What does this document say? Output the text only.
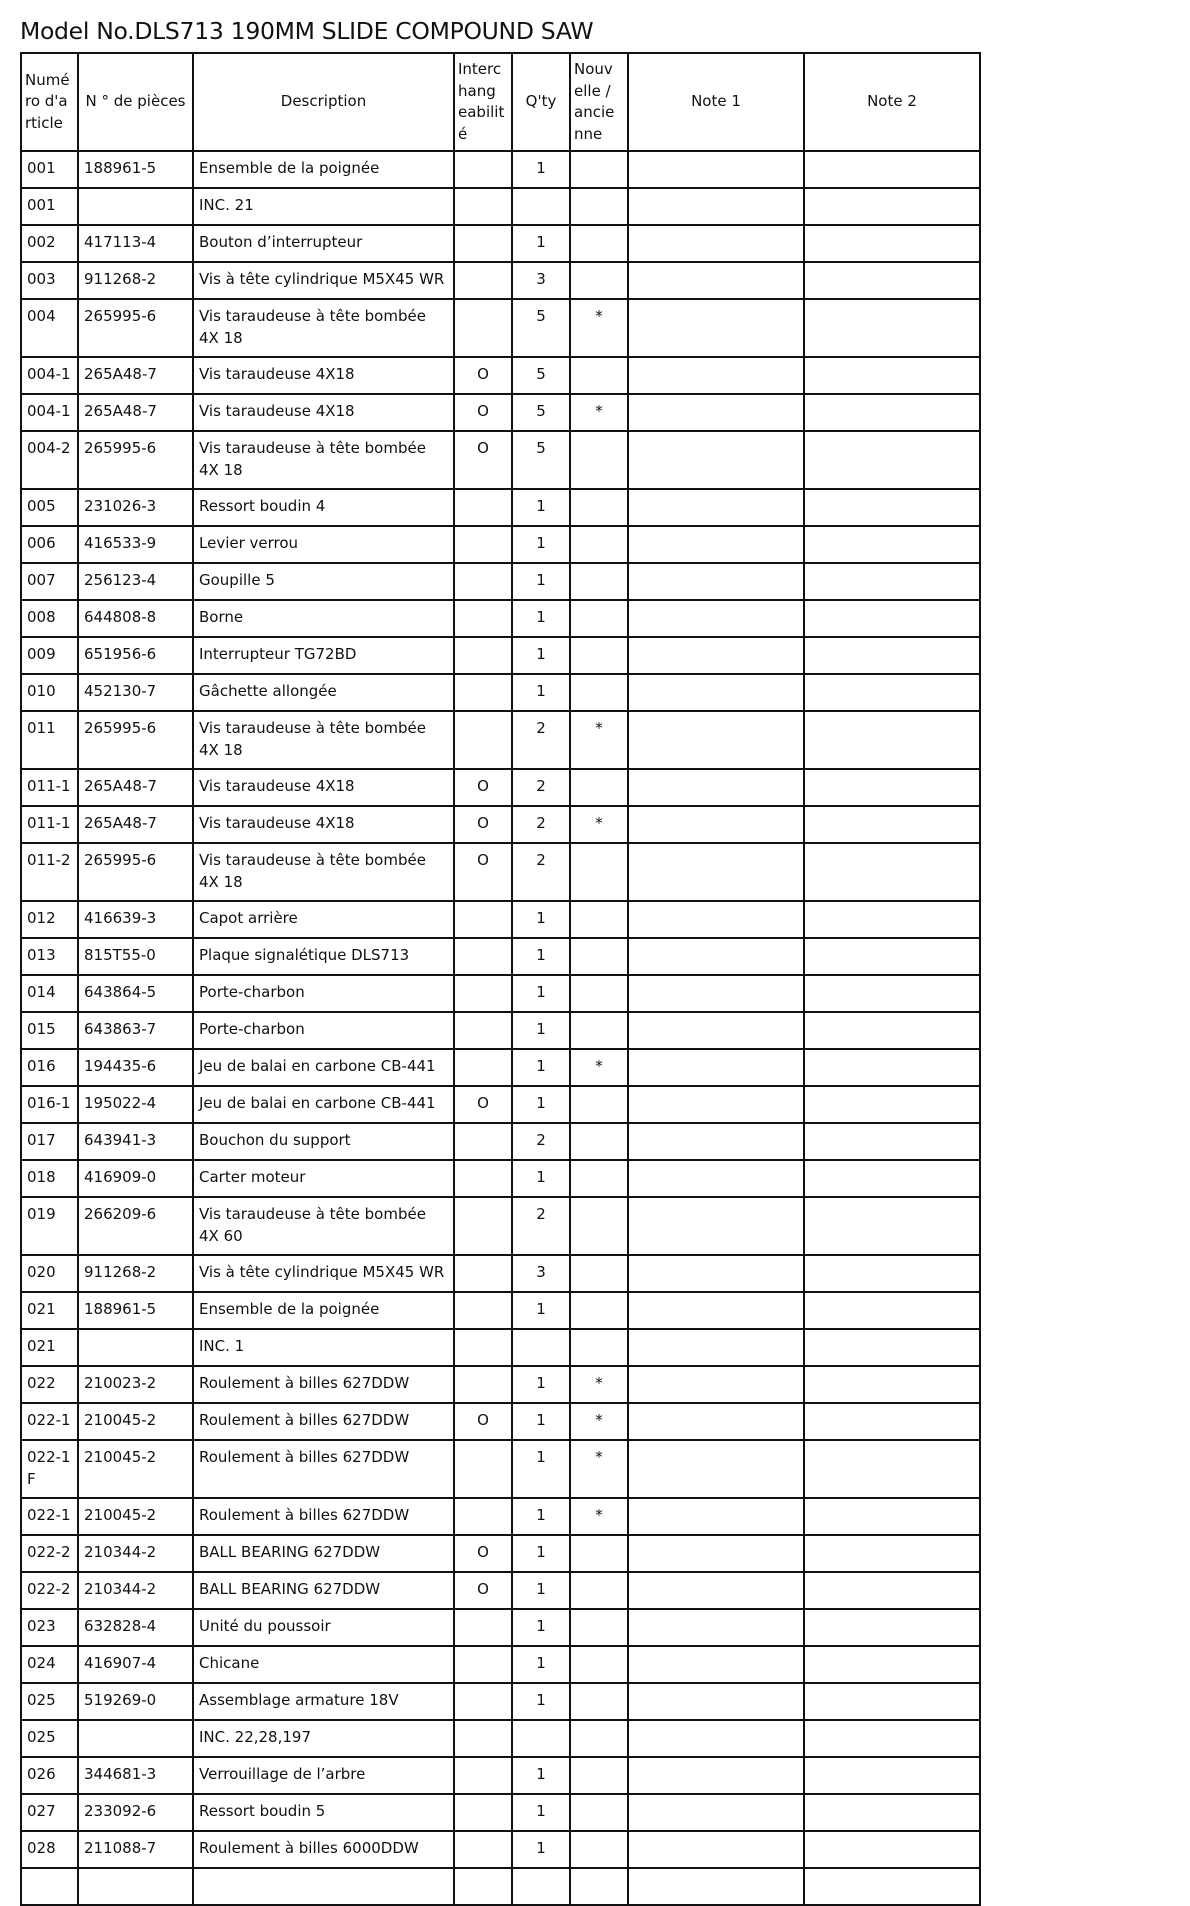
Model No.DLS713 190MM SLIDE COMPOUND SAW
Numé ro d'a rticle	N ° de pièces	Description	Interc hang eabilit é	Q'ty	Nouv elle / ancie nne	Note 1	Note 2
001	188961-5	Ensemble de la poignée		1			
001		INC. 21					
002	417113-4	Bouton d’interrupteur		1			
003	911268-2	Vis à tête cylindrique M5X45 WR		3			
004	265995-6	Vis taraudeuse à tête bombée 4X 18		5	*		
004-1	265A48-7	Vis taraudeuse 4X18	O	5			
004-1	265A48-7	Vis taraudeuse 4X18	O	5	*		
004-2	265995-6	Vis taraudeuse à tête bombée 4X 18	O	5			
005	231026-3	Ressort boudin 4		1			
006	416533-9	Levier verrou		1			
007	256123-4	Goupille 5		1			
008	644808-8	Borne		1			
009	651956-6	Interrupteur TG72BD		1			
010	452130-7	Gâchette allongée		1			
011	265995-6	Vis taraudeuse à tête bombée 4X 18		2	*		
011-1	265A48-7	Vis taraudeuse 4X18	O	2			
011-1	265A48-7	Vis taraudeuse 4X18	O	2	*		
011-2	265995-6	Vis taraudeuse à tête bombée 4X 18	O	2			
012	416639-3	Capot arrière		1			
013	815T55-0	Plaque signalétique DLS713		1			
014	643864-5	Porte-charbon		1			
015	643863-7	Porte-charbon		1			
016	194435-6	Jeu de balai en carbone CB-441		1	*		
016-1	195022-4	Jeu de balai en carbone CB-441	O	1			
017	643941-3	Bouchon du support		2			
018	416909-0	Carter moteur		1			
019	266209-6	Vis taraudeuse à tête bombée 4X 60		2			
020	911268-2	Vis à tête cylindrique M5X45 WR		3			
021	188961-5	Ensemble de la poignée		1			
021		INC. 1					
022	210023-2	Roulement à billes 627DDW		1	*		
022-1	210045-2	Roulement à billes 627DDW	O	1	*		
022-1 F	210045-2	Roulement à billes 627DDW		1	*		
022-1	210045-2	Roulement à billes 627DDW		1	*		
022-2	210344-2	BALL BEARING 627DDW	O	1			
022-2	210344-2	BALL BEARING 627DDW	O	1			
023	632828-4	Unité du poussoir		1			
024	416907-4	Chicane		1			
025	519269-0	Assemblage armature 18V		1			
025		INC. 22,28,197					
026	344681-3	Verrouillage de l’arbre		1			
027	233092-6	Ressort boudin 5		1			
028	211088-7	Roulement à billes 6000DDW		1			
